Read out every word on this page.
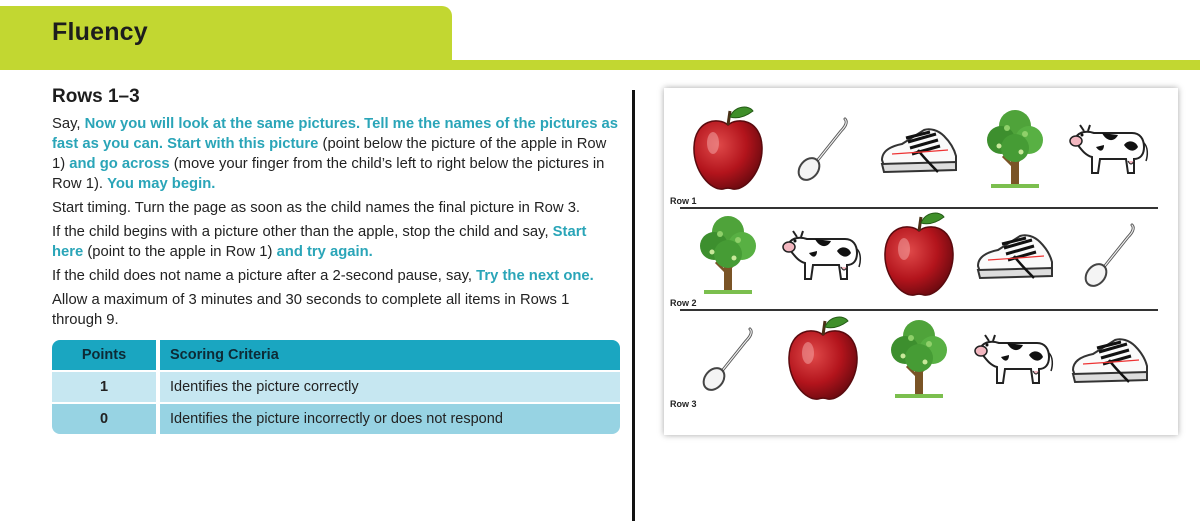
Fluency
Rows 1–3

Say, Now you will look at the same pictures. Tell me the names of the pictures as fast as you can. Start with this picture (point below the picture of the apple in Row 1) and go across (move your finger from the child’s left to right below the pictures in Row 1). You may begin.

Start timing. Turn the page as soon as the child names the final picture in Row 3.

If the child begins with a picture other than the apple, stop the child and say, Start here (point to the apple in Row 1) and try again.

If the child does not name a picture after a 2-second pause, say, Try the next one.

Allow a maximum of 3 minutes and 30 seconds to complete all items in Rows 1 through 9.

Points	Scoring Criteria
1	Identifies the picture correctly
0	Identifies the picture incorrectly or does not respond
Row 1
Row 2
Row 3
